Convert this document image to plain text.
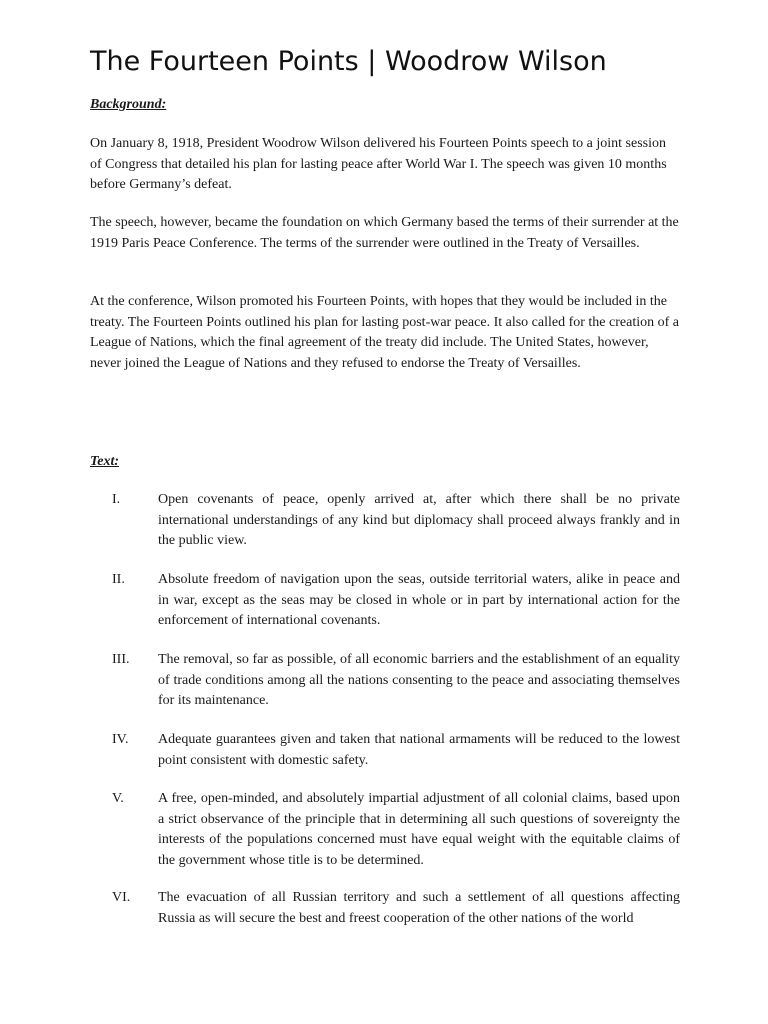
The Fourteen Points | Woodrow Wilson
Background:

On January 8, 1918, President Woodrow Wilson delivered his Fourteen Points speech to a joint session of Congress that detailed his plan for lasting peace after World War I. The speech was given 10 months before Germany’s defeat.

The speech, however, became the foundation on which Germany based the terms of their surrender at the 1919 Paris Peace Conference. The terms of the surrender were outlined in the Treaty of Versailles.

At the conference, Wilson promoted his Fourteen Points, with hopes that they would be included in the treaty. The Fourteen Points outlined his plan for lasting post-war peace. It also called for the creation of a League of Nations, which the final agreement of the treaty did include. The United States, however, never joined the League of Nations and they refused to endorse the Treaty of Versailles.

Text:
I.	Open covenants of peace, openly arrived at, after which there shall be no private international understandings of any kind but diplomacy shall proceed always frankly and in the public view.
II.	Absolute freedom of navigation upon the seas, outside territorial waters, alike in peace and in war, except as the seas may be closed in whole or in part by international action for the enforcement of international covenants.
III.	The removal, so far as possible, of all economic barriers and the establishment of an equality of trade conditions among all the nations consenting to the peace and associating themselves for its maintenance.
IV.	Adequate guarantees given and taken that national armaments will be reduced to the lowest point consistent with domestic safety.
V.	A free, open-minded, and absolutely impartial adjustment of all colonial claims, based upon a strict observance of the principle that in determining all such questions of sovereignty the interests of the populations concerned must have equal weight with the equitable claims of the government whose title is to be determined.
VI.	The evacuation of all Russian territory and such a settlement of all questions affecting Russia as will secure the best and freest cooperation of the other nations of the world
